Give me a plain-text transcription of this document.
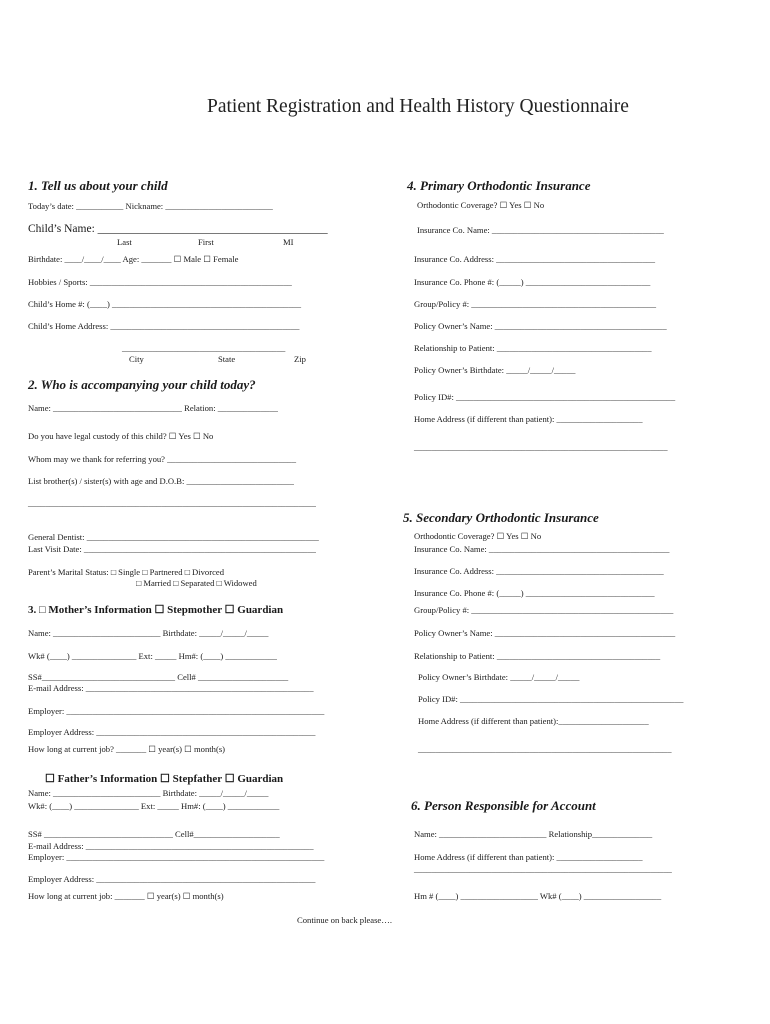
Patient Registration and Health History Questionnaire
1. Tell us about your child
Today’s date: ___________ Nickname: _________________________
Child’s Name: ________________________________________
Last	First	MI
Birthdate: ____/____/____ Age: _______ ☐ Male ☐ Female
Hobbies / Sports: _______________________________________________
Child’s Home #: (____) ____________________________________________
Child’s Home Address: ____________________________________________
______________________________________
City	State	Zip
2. Who is accompanying your child today?
Name: ______________________________ Relation: ______________
Do you have legal custody of this child? ☐ Yes ☐ No
Whom may we thank for referring you? ______________________________
List brother(s) / sister(s) with age and D.O.B: _________________________
___________________________________________________________________
General Dentist: ______________________________________________________
Last Visit Date: ______________________________________________________
Parent’s Marital Status: □ Single □ Partnered □ Divorced
□ Married □ Separated □ Widowed
3. □ Mother’s Information ☐ Stepmother ☐ Guardian
Name: _________________________ Birthdate: _____/_____/_____
Wk# (____) _______________ Ext: _____ Hm#: (____) ____________
SS#_______________________________ Cell# _____________________
E-mail Address: _____________________________________________________
Employer: ____________________________________________________________
Employer Address: ___________________________________________________
How long at current job? _______ ☐ year(s) ☐ month(s)
☐ Father’s Information ☐ Stepfather ☐ Guardian
Name: _________________________ Birthdate: _____/_____/_____
Wk#: (____) _______________ Ext: _____ Hm#: (____) ____________
SS# ______________________________ Cell#____________________
E-mail Address: _____________________________________________________
Employer: ____________________________________________________________
Employer Address: ___________________________________________________
How long at current job: _______ ☐ year(s) ☐ month(s)
4. Primary Orthodontic Insurance
Orthodontic Coverage? ☐ Yes ☐ No
Insurance Co. Name: ________________________________________
Insurance Co. Address: _____________________________________
Insurance Co. Phone #: (_____) _____________________________
Group/Policy #: ___________________________________________
Policy Owner’s Name: ________________________________________
Relationship to Patient: ____________________________________
Policy Owner’s Birthdate: _____/_____/_____
Policy ID#: ___________________________________________________
Home Address (if different than patient): ____________________
___________________________________________________________
5. Secondary Orthodontic Insurance
Orthodontic Coverage? ☐ Yes ☐ No
Insurance Co. Name: __________________________________________
Insurance Co. Address: _______________________________________
Insurance Co. Phone #: (_____) ______________________________
Group/Policy #: _______________________________________________
Policy Owner’s Name: __________________________________________
Relationship to Patient: ______________________________________
Policy Owner’s Birthdate: _____/_____/_____
Policy ID#: ____________________________________________________
Home Address (if different than patient):_____________________
___________________________________________________________
6. Person Responsible for Account
Name: _________________________ Relationship______________
Home Address (if different than patient): ____________________
____________________________________________________________
Hm # (____) __________________ Wk# (____) __________________
Continue on back please….
